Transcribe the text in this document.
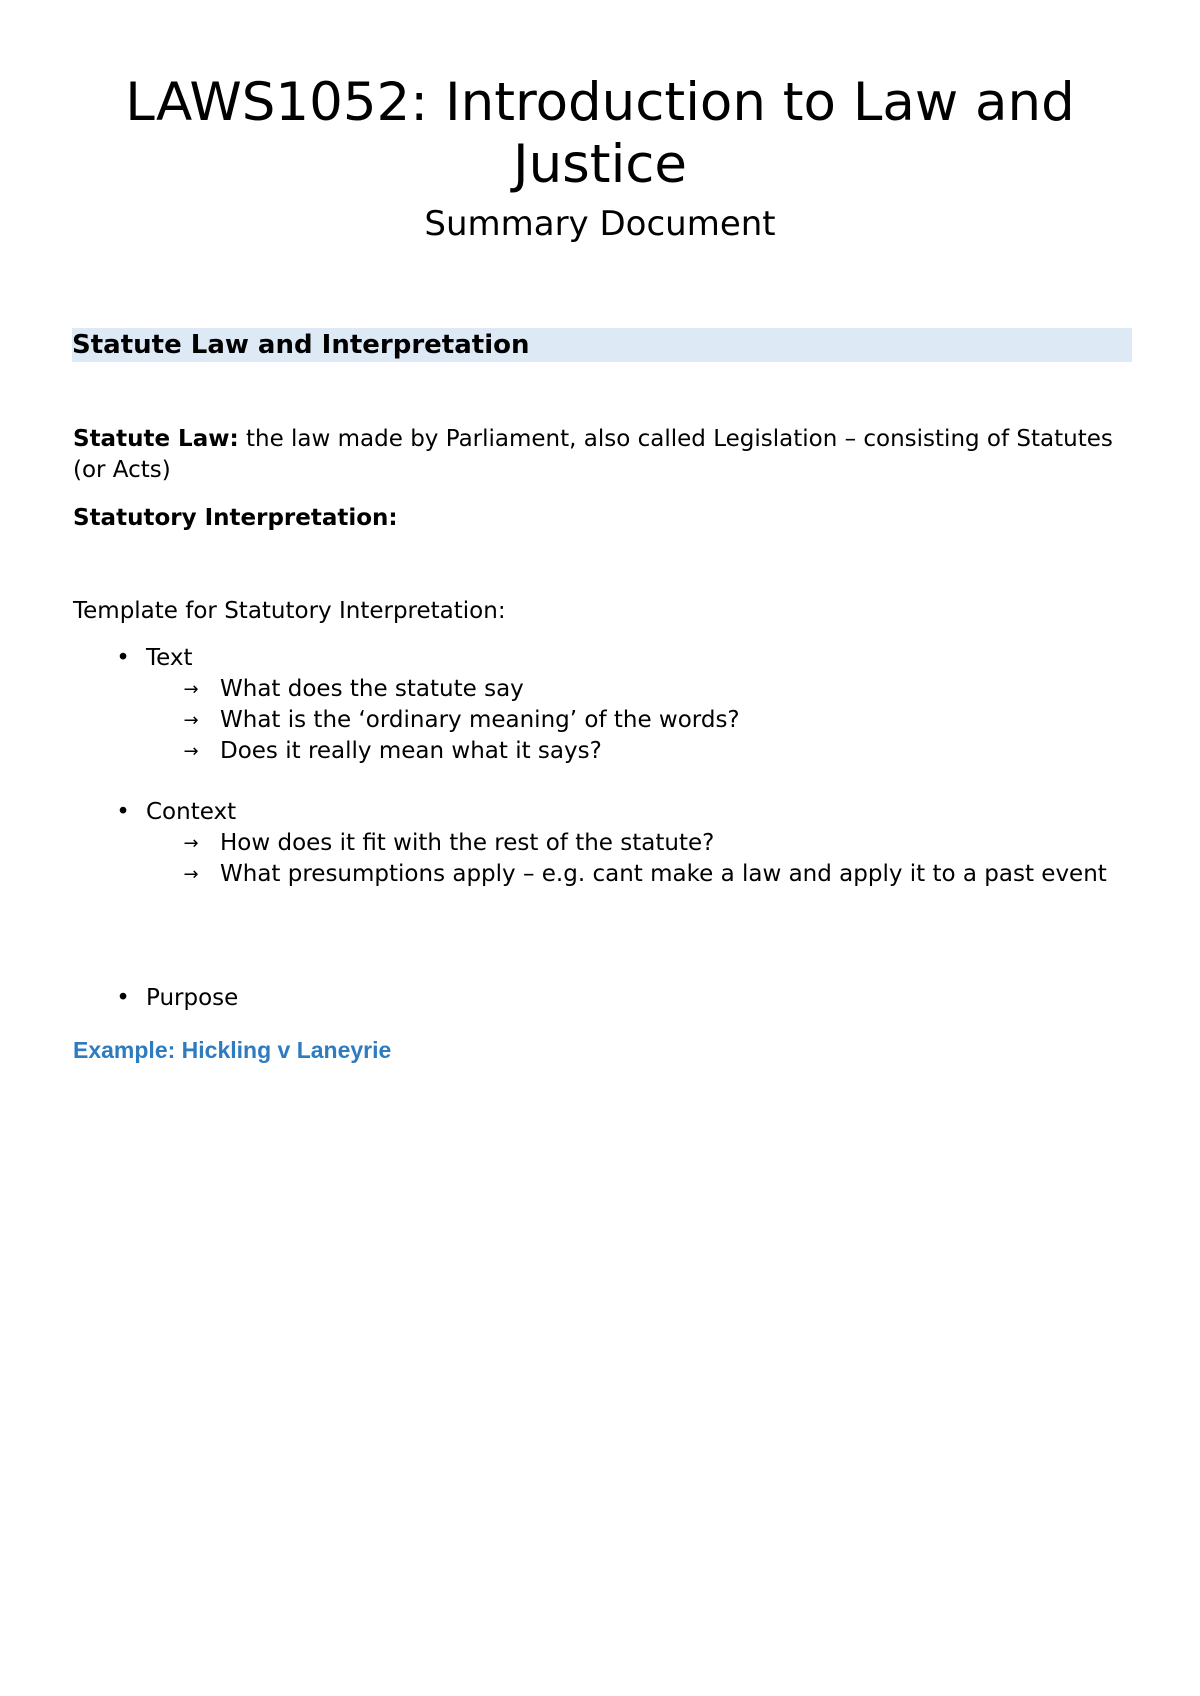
LAWS1052: Introduction to Law and Justice
Summary Document
Statute Law and Interpretation

Statute Law: the law made by Parliament, also called Legislation – consisting of Statutes (or Acts)

Statutory Interpretation:

Template for Statutory Interpretation:

• Text
→ What does the statute say
→ What is the ‘ordinary meaning’ of the words?
→ Does it really mean what it says?
• Context
→ How does it fit with the rest of the statute?
→ What presumptions apply – e.g. cant make a law and apply it to a past event
• Purpose
Example: Hickling v Laneyrie
